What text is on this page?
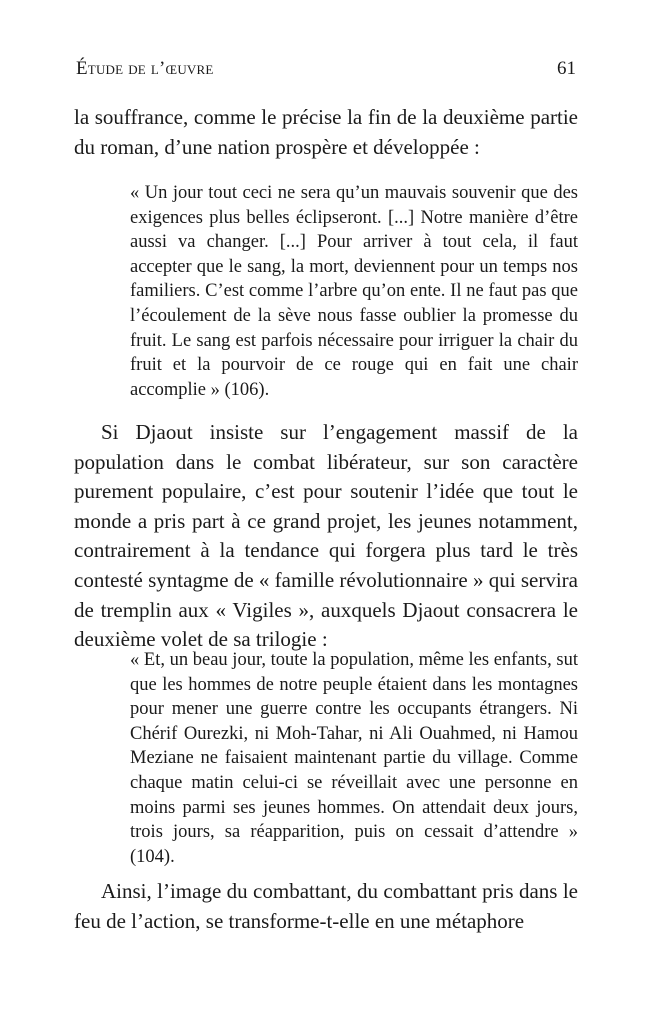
Étude de l’œuvre	61

la souffrance, comme le précise la fin de la deuxième partie du roman, d’une nation prospère et développée :

« Un jour tout ceci ne sera qu’un mauvais souvenir que des exigences plus belles éclipseront. [...] Notre manière d’être aussi va changer. [...] Pour arriver à tout cela, il faut accepter que le sang, la mort, deviennent pour un temps nos familiers. C’est comme l’arbre qu’on ente. Il ne faut pas que l’écoulement de la sève nous fasse oublier la promesse du fruit. Le sang est parfois nécessaire pour irriguer la chair du fruit et la pourvoir de ce rouge qui en fait une chair accomplie » (106).

Si Djaout insiste sur l’engagement massif de la population dans le combat libérateur, sur son caractère purement populaire, c’est pour soutenir l’idée que tout le monde a pris part à ce grand projet, les jeunes notamment, contrairement à la tendance qui forgera plus tard le très contesté syntagme de « famille révolutionnaire » qui servira de tremplin aux « Vigiles », auxquels Djaout consacrera le deuxième volet de sa trilogie :

« Et, un beau jour, toute la population, même les enfants, sut que les hommes de notre peuple étaient dans les montagnes pour mener une guerre contre les occupants étrangers. Ni Chérif Ourezki, ni Moh-Tahar, ni Ali Ouahmed, ni Hamou Meziane ne faisaient maintenant partie du village. Comme chaque matin celui-ci se réveillait avec une personne en moins parmi ses jeunes hommes. On attendait deux jours, trois jours, sa réapparition, puis on cessait d’attendre » (104).

Ainsi, l’image du combattant, du combattant pris dans le feu de l’action, se transforme-t-elle en une métaphore
